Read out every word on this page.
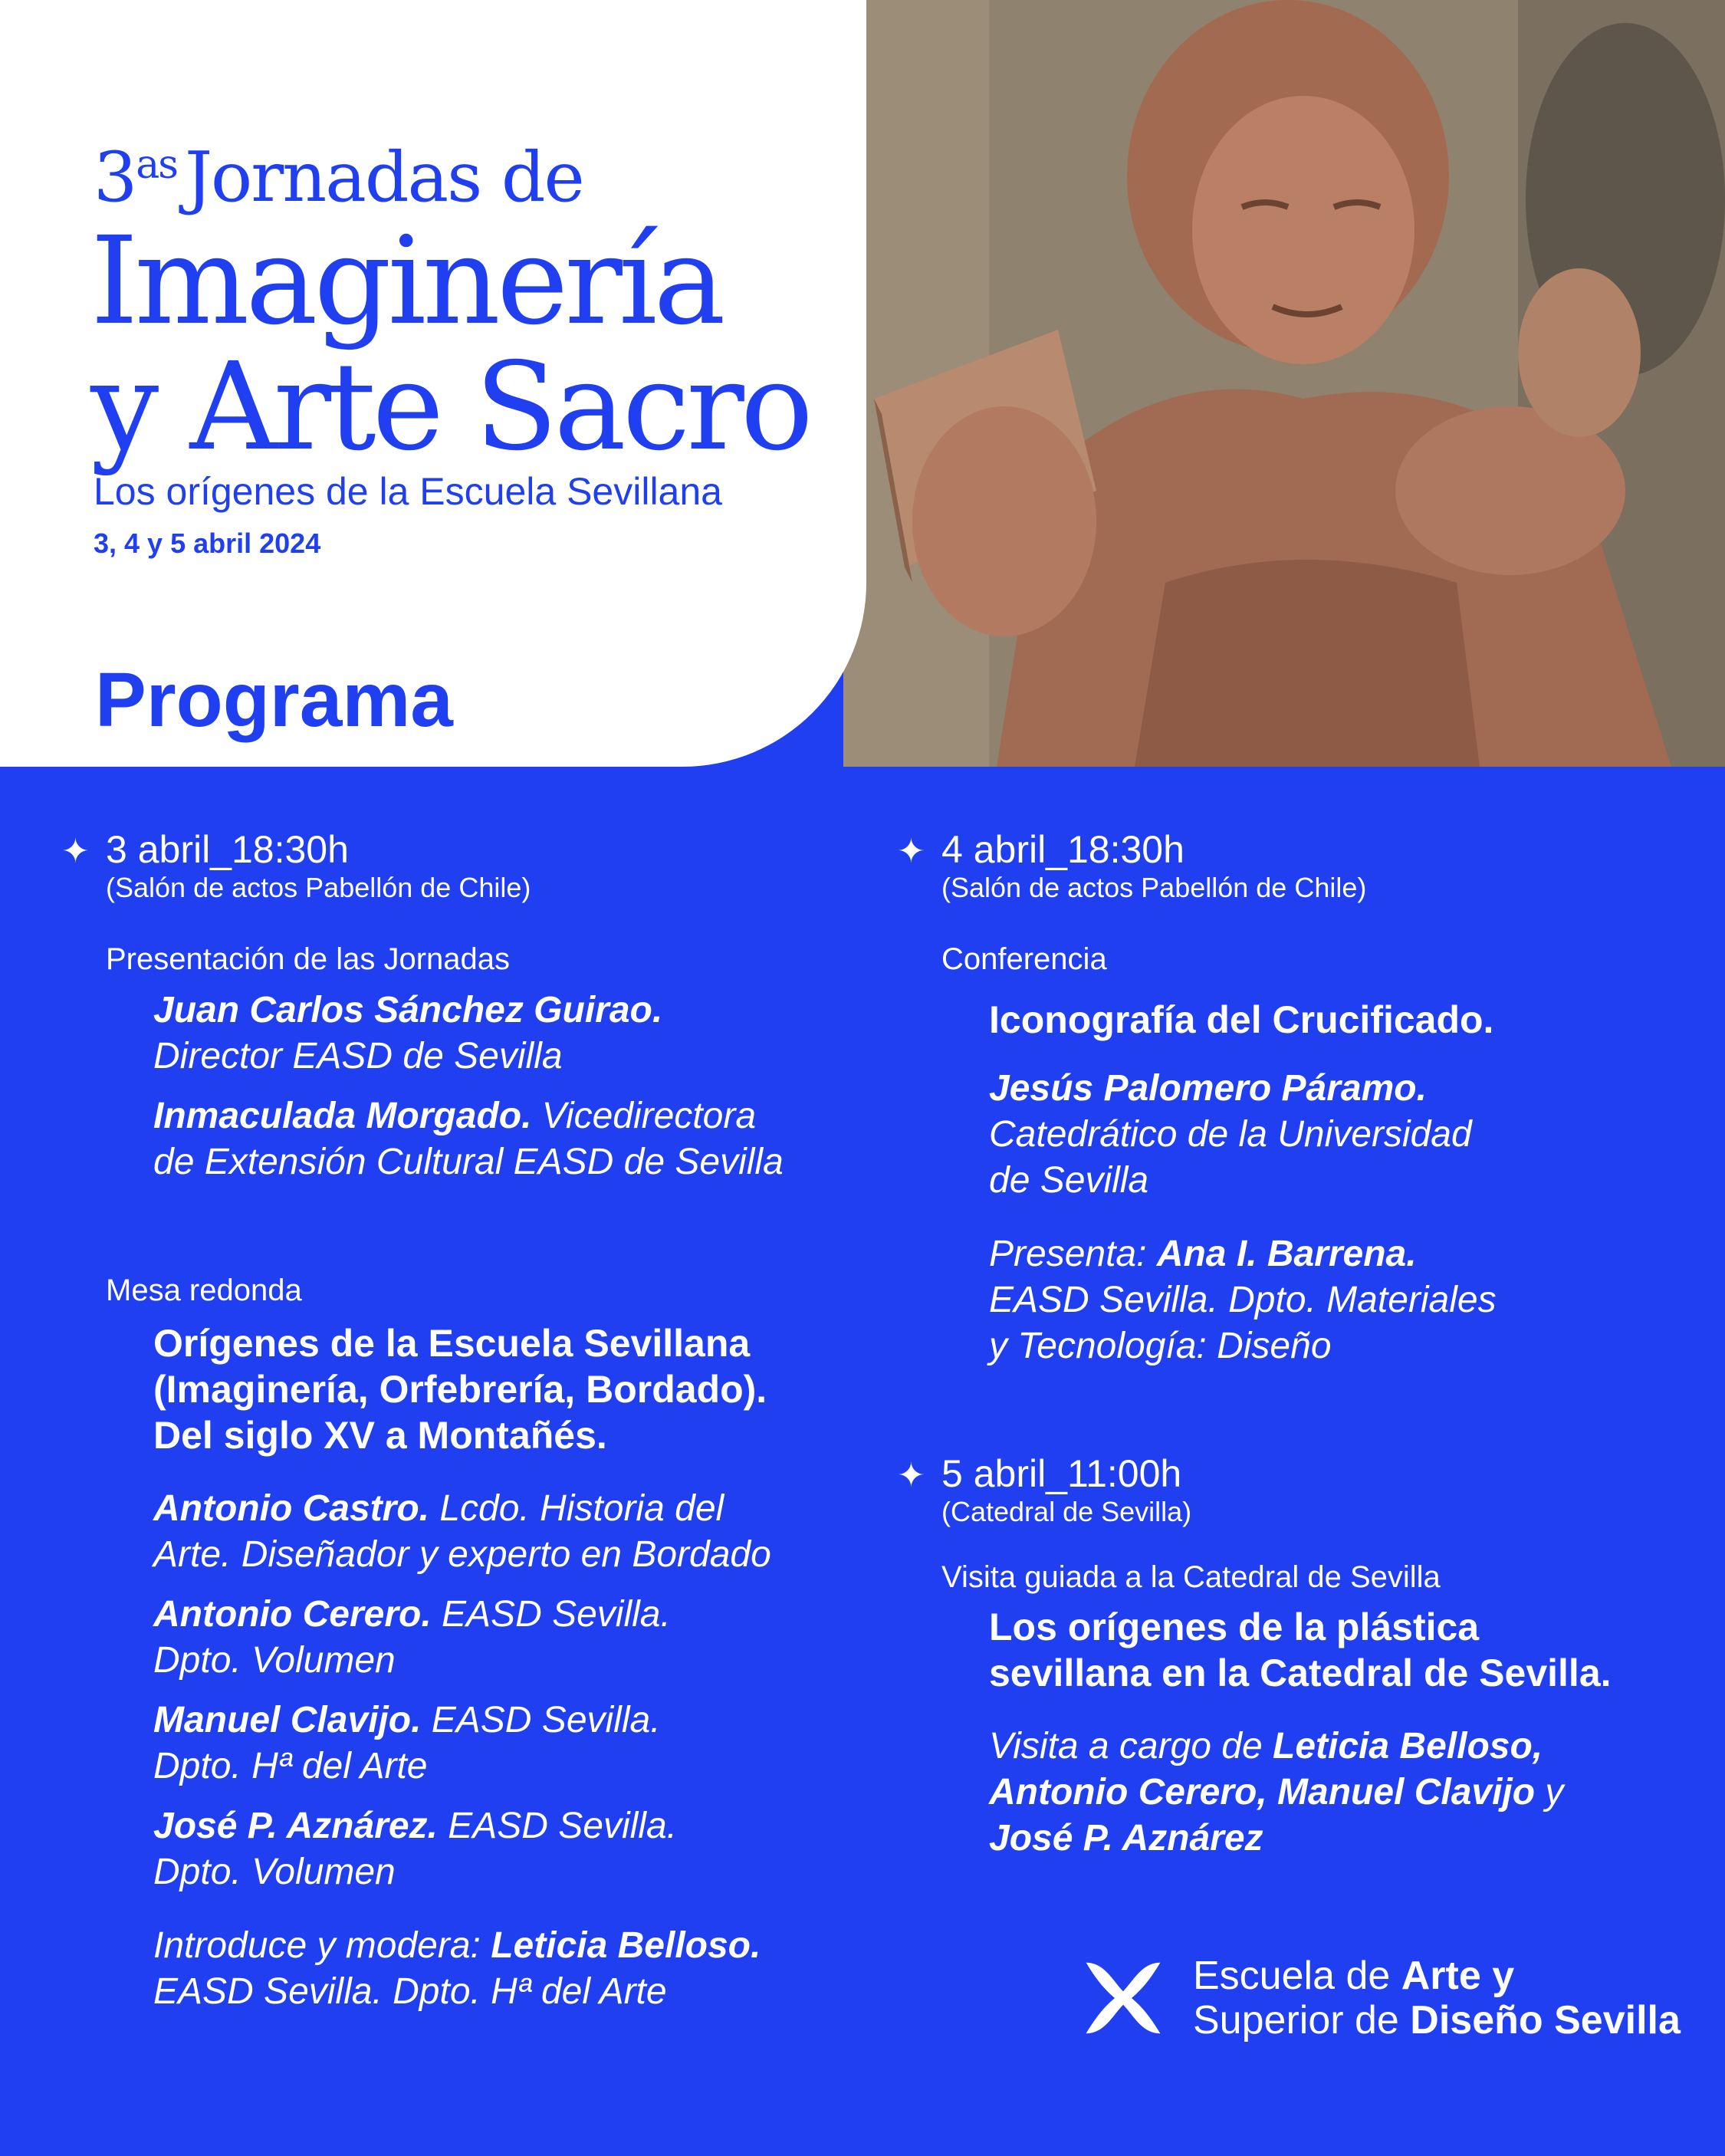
$3^{as}$ Jornadas de
Imaginería
y Arte Sacro
Los orígenes de la Escuela Sevillana
3, 4 y 5 abril 2024
Programa
✦ 3 abril_18:30h
(Salón de actos Pabellón de Chile)
Presentación de las Jornadas
Juan Carlos Sánchez Guirao.
Director EASD de Sevilla
Inmaculada Morgado. Vicedirectora
de Extensión Cultural EASD de Sevilla
Mesa redonda
Orígenes de la Escuela Sevillana
(Imaginería, Orfebrería, Bordado).
Del siglo XV a Montañés.
Antonio Castro. Lcdo. Historia del
Arte. Diseñador y experto en Bordado
Antonio Cerero. EASD Sevilla.
Dpto. Volumen
Manuel Clavijo. EASD Sevilla.
Dpto. Hª del Arte
José P. Aznárez. EASD Sevilla.
Dpto. Volumen
Introduce y modera: Leticia Belloso.
EASD Sevilla. Dpto. Hª del Arte
✦ 4 abril_18:30h
(Salón de actos Pabellón de Chile)
Conferencia
Iconografía del Crucificado.
Jesús Palomero Páramo.
Catedrático de la Universidad
de Sevilla
Presenta: Ana I. Barrena.
EASD Sevilla. Dpto. Materiales
y Tecnología: Diseño
✦ 5 abril_11:00h
(Catedral de Sevilla)
Visita guiada a la Catedral de Sevilla
Los orígenes de la plástica
sevillana en la Catedral de Sevilla.
Visita a cargo de Leticia Belloso,
Antonio Cerero, Manuel Clavijo y
José P. Aznárez
Escuela de Arte y
Superior de Diseño Sevilla
